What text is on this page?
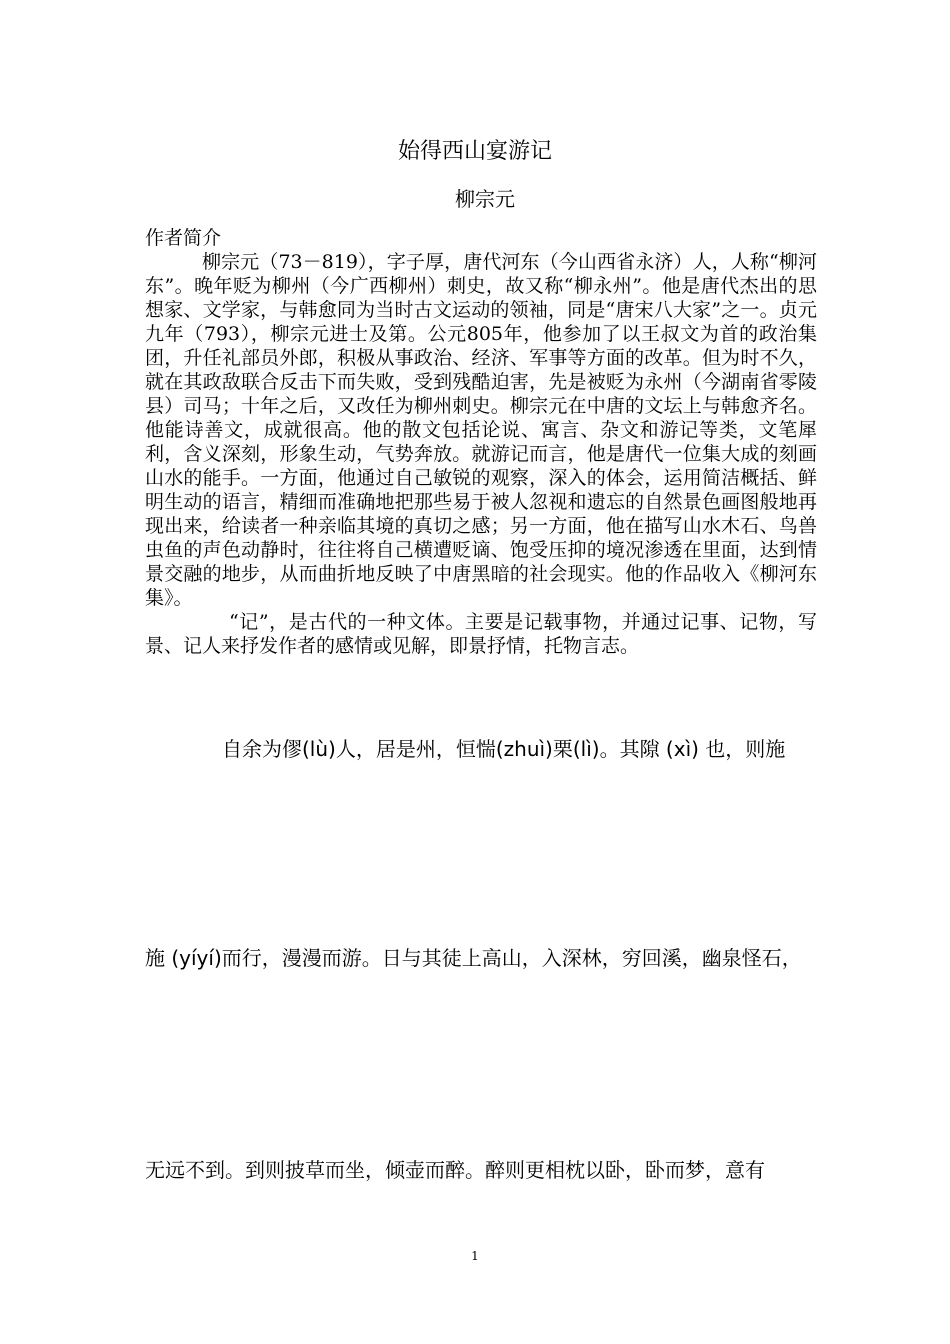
始得西山宴游记
柳宗元

作者简介

柳宗元（73－819），字子厚，唐代河东（今山西省永济）人，人称“柳河东”。晚年贬为柳州（今广西柳州）刺史，故又称“柳永州”。他是唐代杰出的思想家、文学家，与韩愈同为当时古文运动的领袖，同是“唐宋八大家”之一。贞元九年（793），柳宗元进士及第。公元805年，他参加了以王叔文为首的政治集团，升任礼部员外郎，积极从事政治、经济、军事等方面的改革。但为时不久，就在其政敌联合反击下而失败，受到残酷迫害，先是被贬为永州（今湖南省零陵县）司马；十年之后，又改任为柳州刺史。柳宗元在中唐的文坛上与韩愈齐名。他能诗善文，成就很高。他的散文包括论说、寓言、杂文和游记等类，文笔犀利，含义深刻，形象生动，气势奔放。就游记而言，他是唐代一位集大成的刻画山水的能手。一方面，他通过自己敏锐的观察，深入的体会，运用简洁概括、鲜明生动的语言，精细而准确地把那些易于被人忽视和遗忘的自然景色画图般地再现出来，给读者一种亲临其境的真切之感；另一方面，他在描写山水木石、鸟兽虫鱼的声色动静时，往往将自己横遭贬谪、饱受压抑的境况渗透在里面，达到情景交融的地步，从而曲折地反映了中唐黑暗的社会现实。他的作品收入《柳河东集》。

“记”，是古代的一种文体。主要是记载事物，并通过记事、记物，写景、记人来抒发作者的感情或见解，即景抒情，托物言志。

自余为僇(lù)人，居是州，恒惴(zhuì)栗(lì)。其隙 (xì) 也，则施
施 (yíyí)而行，漫漫而游。日与其徒上高山，入深林，穷回溪，幽泉怪石，
无远不到。到则披草而坐，倾壶而醉。醉则更相枕以卧，卧而梦，意有
1
